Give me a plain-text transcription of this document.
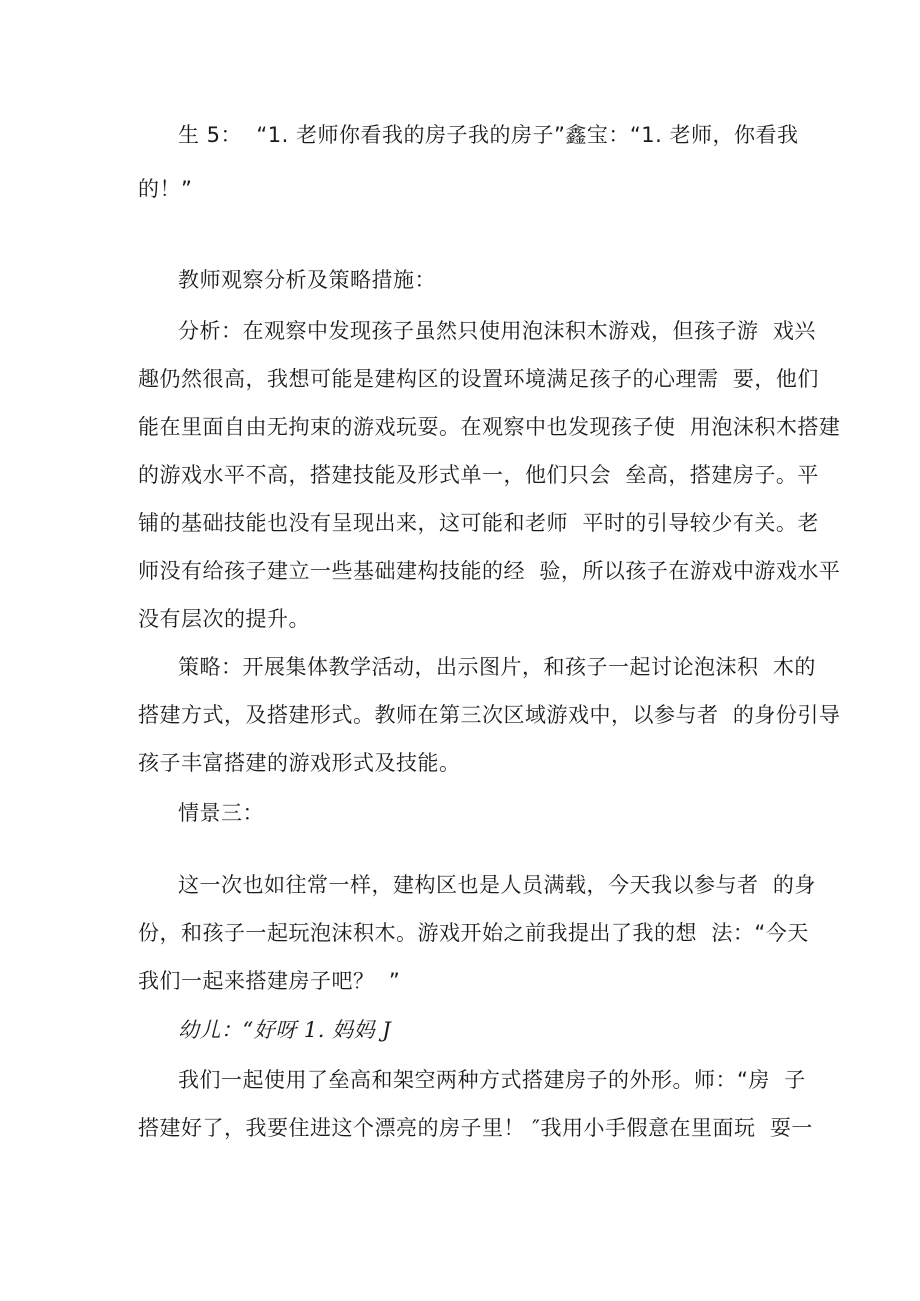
生 5：  “1. 老师你看我的房子我的房子”鑫宝：“1. 老师，你看我
的！”
教师观察分析及策略措施：
分析：在观察中发现孩子虽然只使用泡沫积木游戏，但孩子游  戏兴
趣仍然很高，我想可能是建构区的设置环境满足孩子的心理需  要，他们
能在里面自由无拘束的游戏玩耍。在观察中也发现孩子使  用泡沫积木搭建
的游戏水平不高，搭建技能及形式单一，他们只会  垒高，搭建房子。平
铺的基础技能也没有呈现出来，这可能和老师  平时的引导较少有关。老
师没有给孩子建立一些基础建构技能的经  验，所以孩子在游戏中游戏水平
没有层次的提升。
策略：开展集体教学活动，出示图片，和孩子一起讨论泡沫积  木的
搭建方式，及搭建形式。教师在第三次区域游戏中，以参与者  的身份引导
孩子丰富搭建的游戏形式及技能。
情景三：
这一次也如往常一样，建构区也是人员满载，今天我以参与者  的身
份，和孩子一起玩泡沫积木。游戏开始之前我提出了我的想  法：“今天
我们一起来搭建房子吧？  ”
幼儿：“好呀 1. 妈妈 J
我们一起使用了垒高和架空两种方式搭建房子的外形。师：“房  子
搭建好了，我要住进这个漂亮的房子里！ ″我用小手假意在里面玩  耍一
